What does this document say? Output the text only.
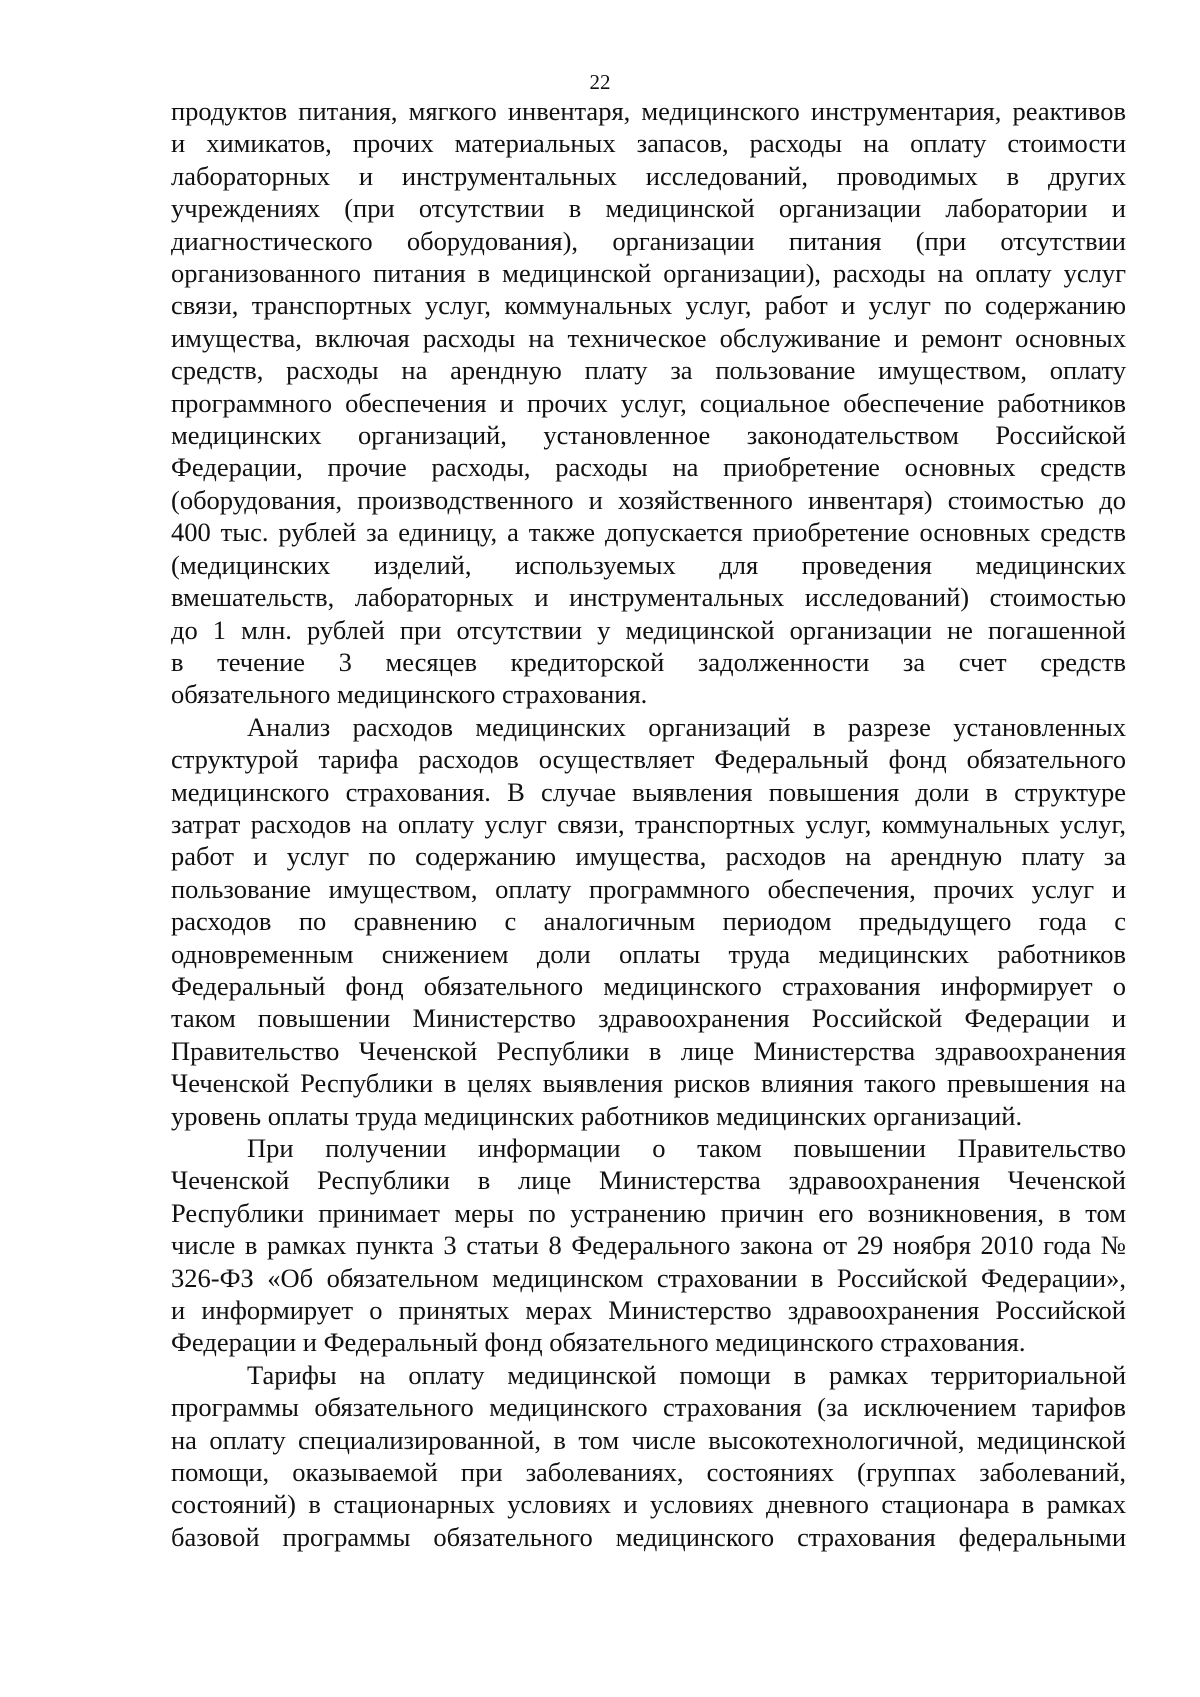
22

продуктов питания, мягкого инвентаря, медицинского инструментария, реактивов

и химикатов, прочих материальных запасов, расходы на оплату стоимости

лабораторных и инструментальных исследований, проводимых в других

учреждениях (при отсутствии в медицинской организации лаборатории и

диагностического оборудования), организации питания (при отсутствии

организованного питания в медицинской организации), расходы на оплату услуг

связи, транспортных услуг, коммунальных услуг, работ и услуг по содержанию

имущества, включая расходы на техническое обслуживание и ремонт основных

средств, расходы на арендную плату за пользование имуществом, оплату

программного обеспечения и прочих услуг, социальное обеспечение работников

медицинских организаций, установленное законодательством Российской

Федерации, прочие расходы, расходы на приобретение основных средств

(оборудования, производственного и хозяйственного инвентаря) стоимостью до

400 тыс. рублей за единицу, а также допускается приобретение основных средств

(медицинских изделий, используемых для проведения медицинских

вмешательств, лабораторных и инструментальных исследований) стоимостью

до 1 млн. рублей при отсутствии у медицинской организации не погашенной

в течение 3 месяцев кредиторской задолженности за счет средств

обязательного медицинского страхования.

Анализ расходов медицинских организаций в разрезе установленных

структурой тарифа расходов осуществляет Федеральный фонд обязательного

медицинского страхования. В случае выявления повышения доли в структуре

затрат расходов на оплату услуг связи, транспортных услуг, коммунальных услуг,

работ и услуг по содержанию имущества, расходов на арендную плату за

пользование имуществом, оплату программного обеспечения, прочих услуг и

расходов по сравнению с аналогичным периодом предыдущего года с

одновременным снижением доли оплаты труда медицинских работников

Федеральный фонд обязательного медицинского страхования информирует о

таком повышении Министерство здравоохранения Российской Федерации и

Правительство Чеченской Республики в лице Министерства здравоохранения

Чеченской Республики в целях выявления рисков влияния такого превышения на

уровень оплаты труда медицинских работников медицинских организаций.

При получении информации о таком повышении Правительство

Чеченской Республики в лице Министерства здравоохранения Чеченской

Республики принимает меры по устранению причин его возникновения, в том

числе в рамках пункта 3 статьи 8 Федерального закона от 29 ноября 2010 года №

326-ФЗ «Об обязательном медицинском страховании в Российской Федерации»,

и информирует о принятых мерах Министерство здравоохранения Российской

Федерации и Федеральный фонд обязательного медицинского страхования.

Тарифы на оплату медицинской помощи в рамках территориальной

программы обязательного медицинского страхования (за исключением тарифов

на оплату специализированной, в том числе высокотехнологичной, медицинской

помощи, оказываемой при заболеваниях, состояниях (группах заболеваний,

состояний) в стационарных условиях и условиях дневного стационара в рамках

базовой программы обязательного медицинского страхования федеральными
